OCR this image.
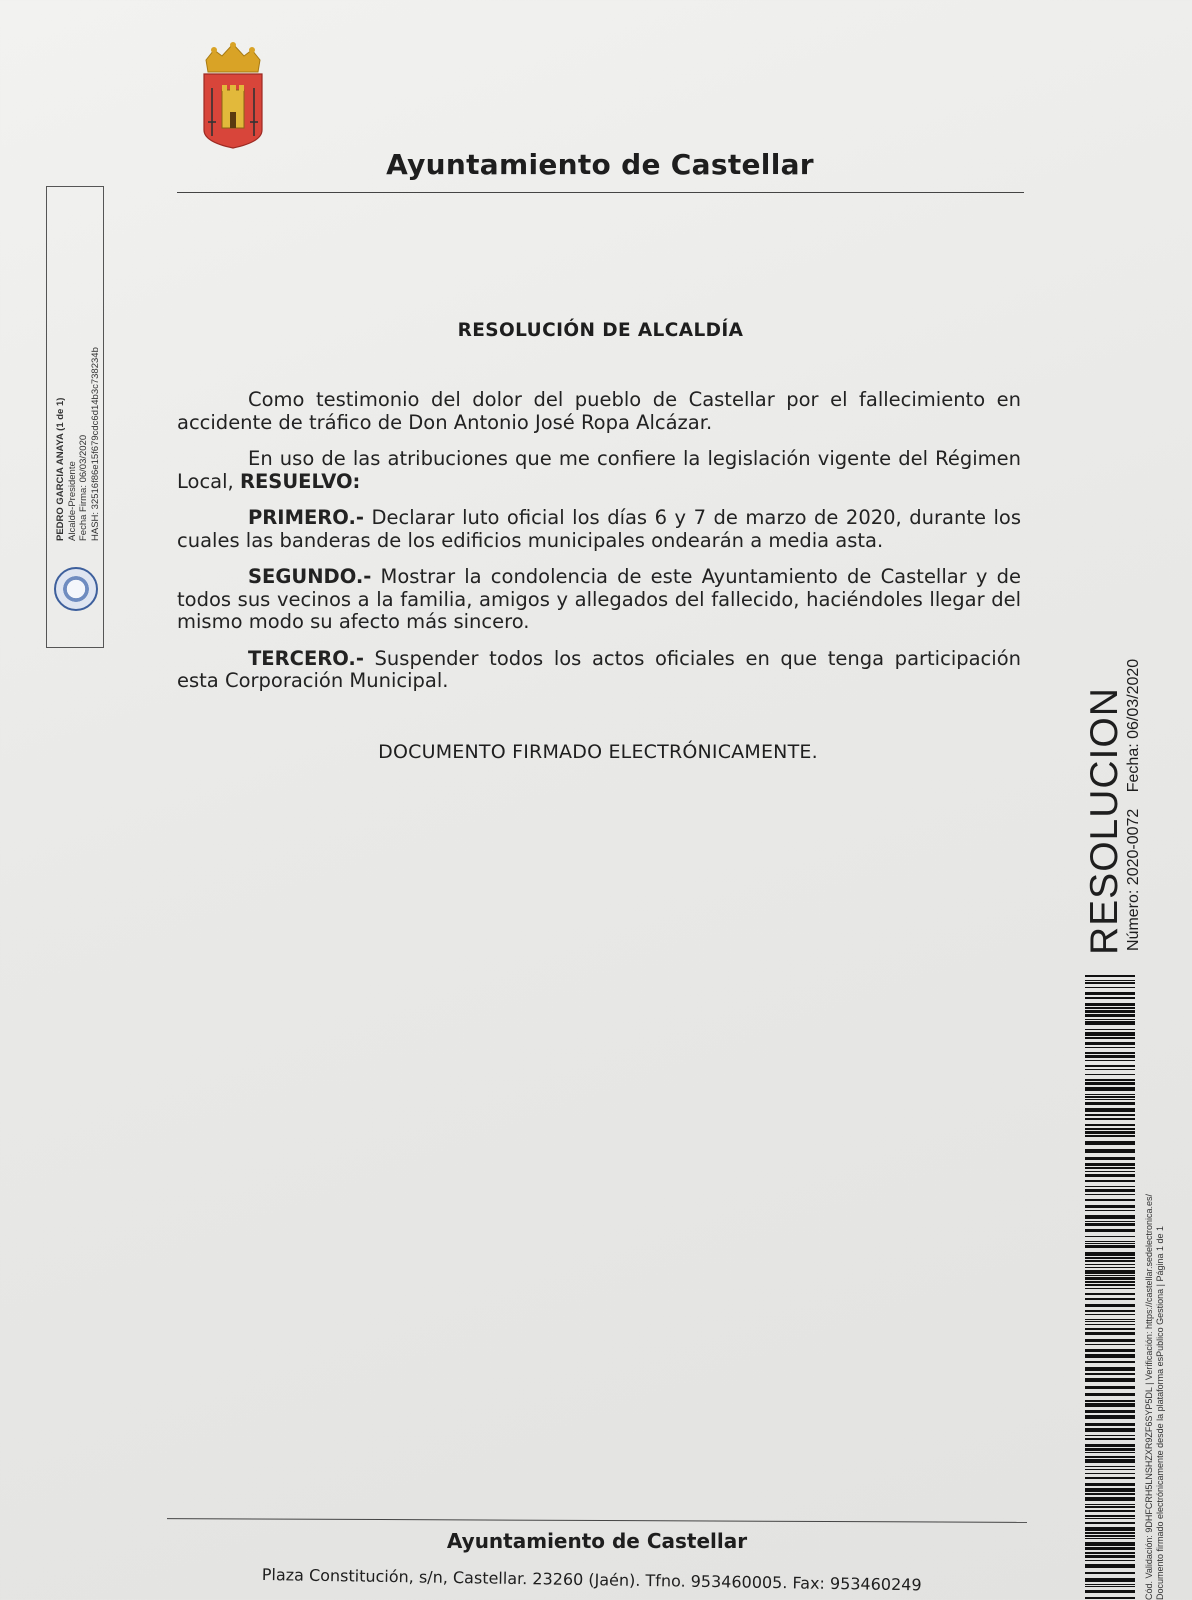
Ayuntamiento de Castellar
PEDRO GARCIA ANAYA (1 de 1) Alcalde-Presidente Fecha Firma: 06/03/2020 HASH: 32516f86e15f679cdc6d14b3c738234b
RESOLUCIÓN DE ALCALDÍA

Como testimonio del dolor del pueblo de Castellar por el fallecimiento en accidente de tráfico de Don Antonio José Ropa Alcázar.

En uso de las atribuciones que me confiere la legislación vigente del Régimen Local, RESUELVO:

PRIMERO.- Declarar luto oficial los días 6 y 7 de marzo de 2020, durante los cuales las banderas de los edificios municipales ondearán a media asta.

SEGUNDO.- Mostrar la condolencia de este Ayuntamiento de Castellar y de todos sus vecinos a la familia, amigos y allegados del fallecido, haciéndoles llegar del mismo modo su afecto más sincero.

TERCERO.- Suspender todos los actos oficiales en que tenga participación esta Corporación Municipal.

DOCUMENTO FIRMADO ELECTRÓNICAMENTE.	RESOLUCION Número: 2020-0072 Fecha: 06/03/2020
Cód. Validación: 9DHFCRH5LNSHZXR9ZF6SYP5DL | Verificación: https://castellar.sedelectronica.es/ Documento firmado electrónicamente desde la plataforma esPublico Gestiona | Página 1 de 1
Ayuntamiento de Castellar
Plaza Constitución, s/n, Castellar. 23260 (Jaén). Tfno. 953460005. Fax: 953460249
